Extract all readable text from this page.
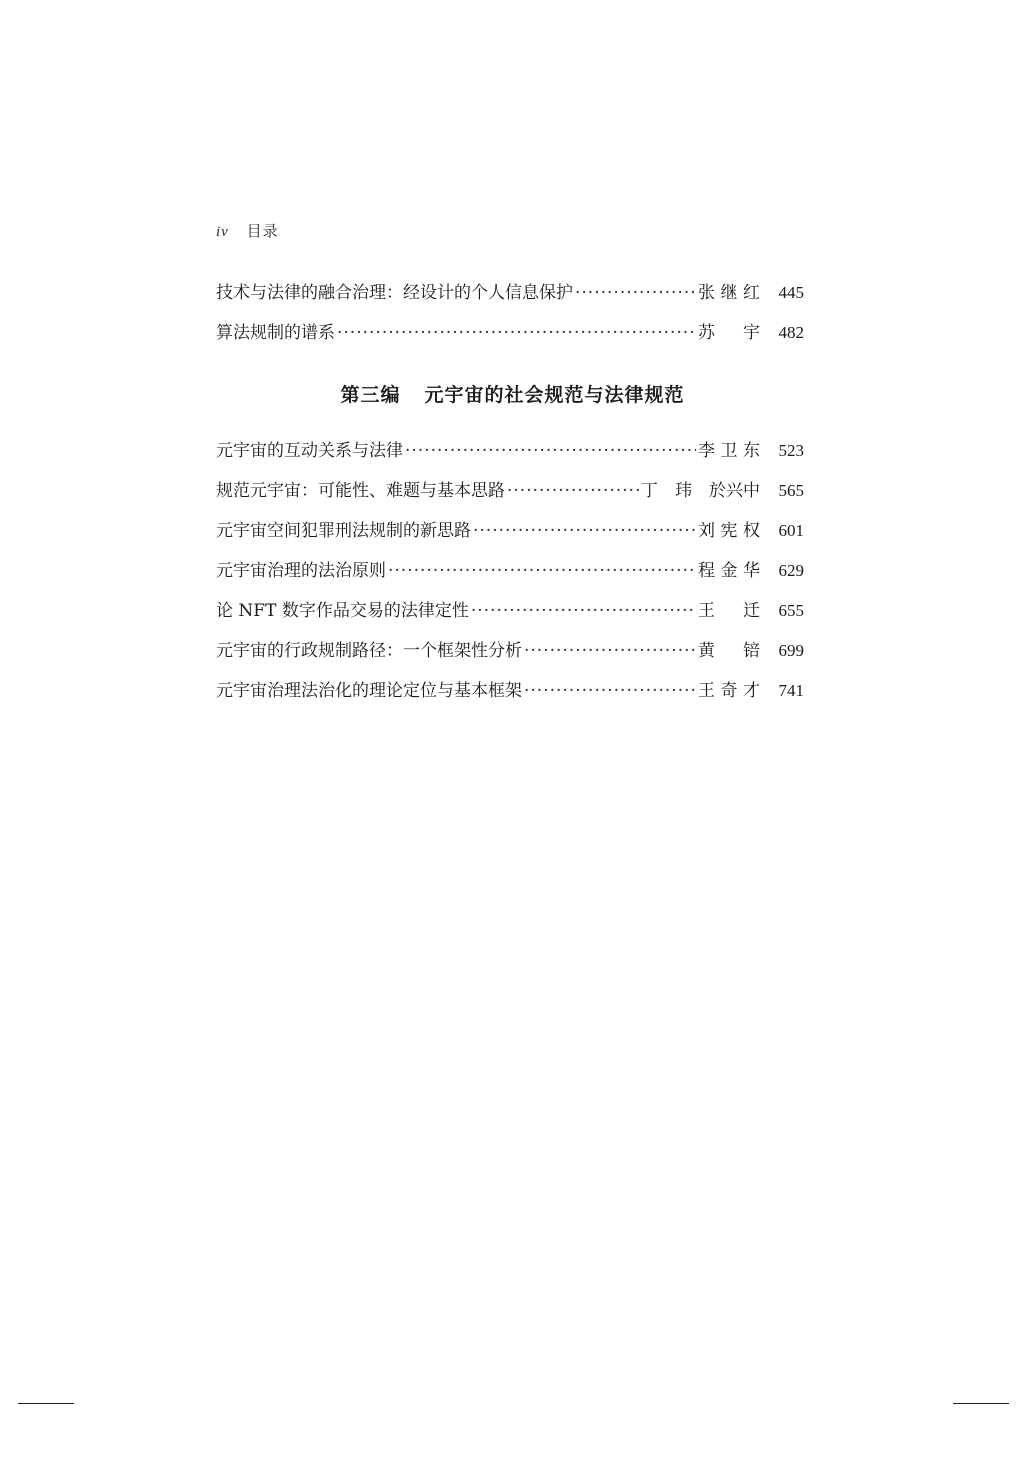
iv 目录
技术与法律的融合治理：经设计的个人信息保护 ·····	张继红	445
算法规制的谱系 ·····	苏　宇	482
第三编 元宇宙的社会规范与法律规范
元宇宙的互动关系与法律 ·····	李卫东	523
规范元宇宙：可能性、难题与基本思路 ·····	丁　玮　於兴中	565
元宇宙空间犯罪刑法规制的新思路 ·····	刘宪权	601
元宇宙治理的法治原则 ·····	程金华	629
论 NFT 数字作品交易的法律定性 ·····	王　迁	655
元宇宙的行政规制路径：一个框架性分析 ·····	黄　锫	699
元宇宙治理法治化的理论定位与基本框架 ·····	王奇才	741
